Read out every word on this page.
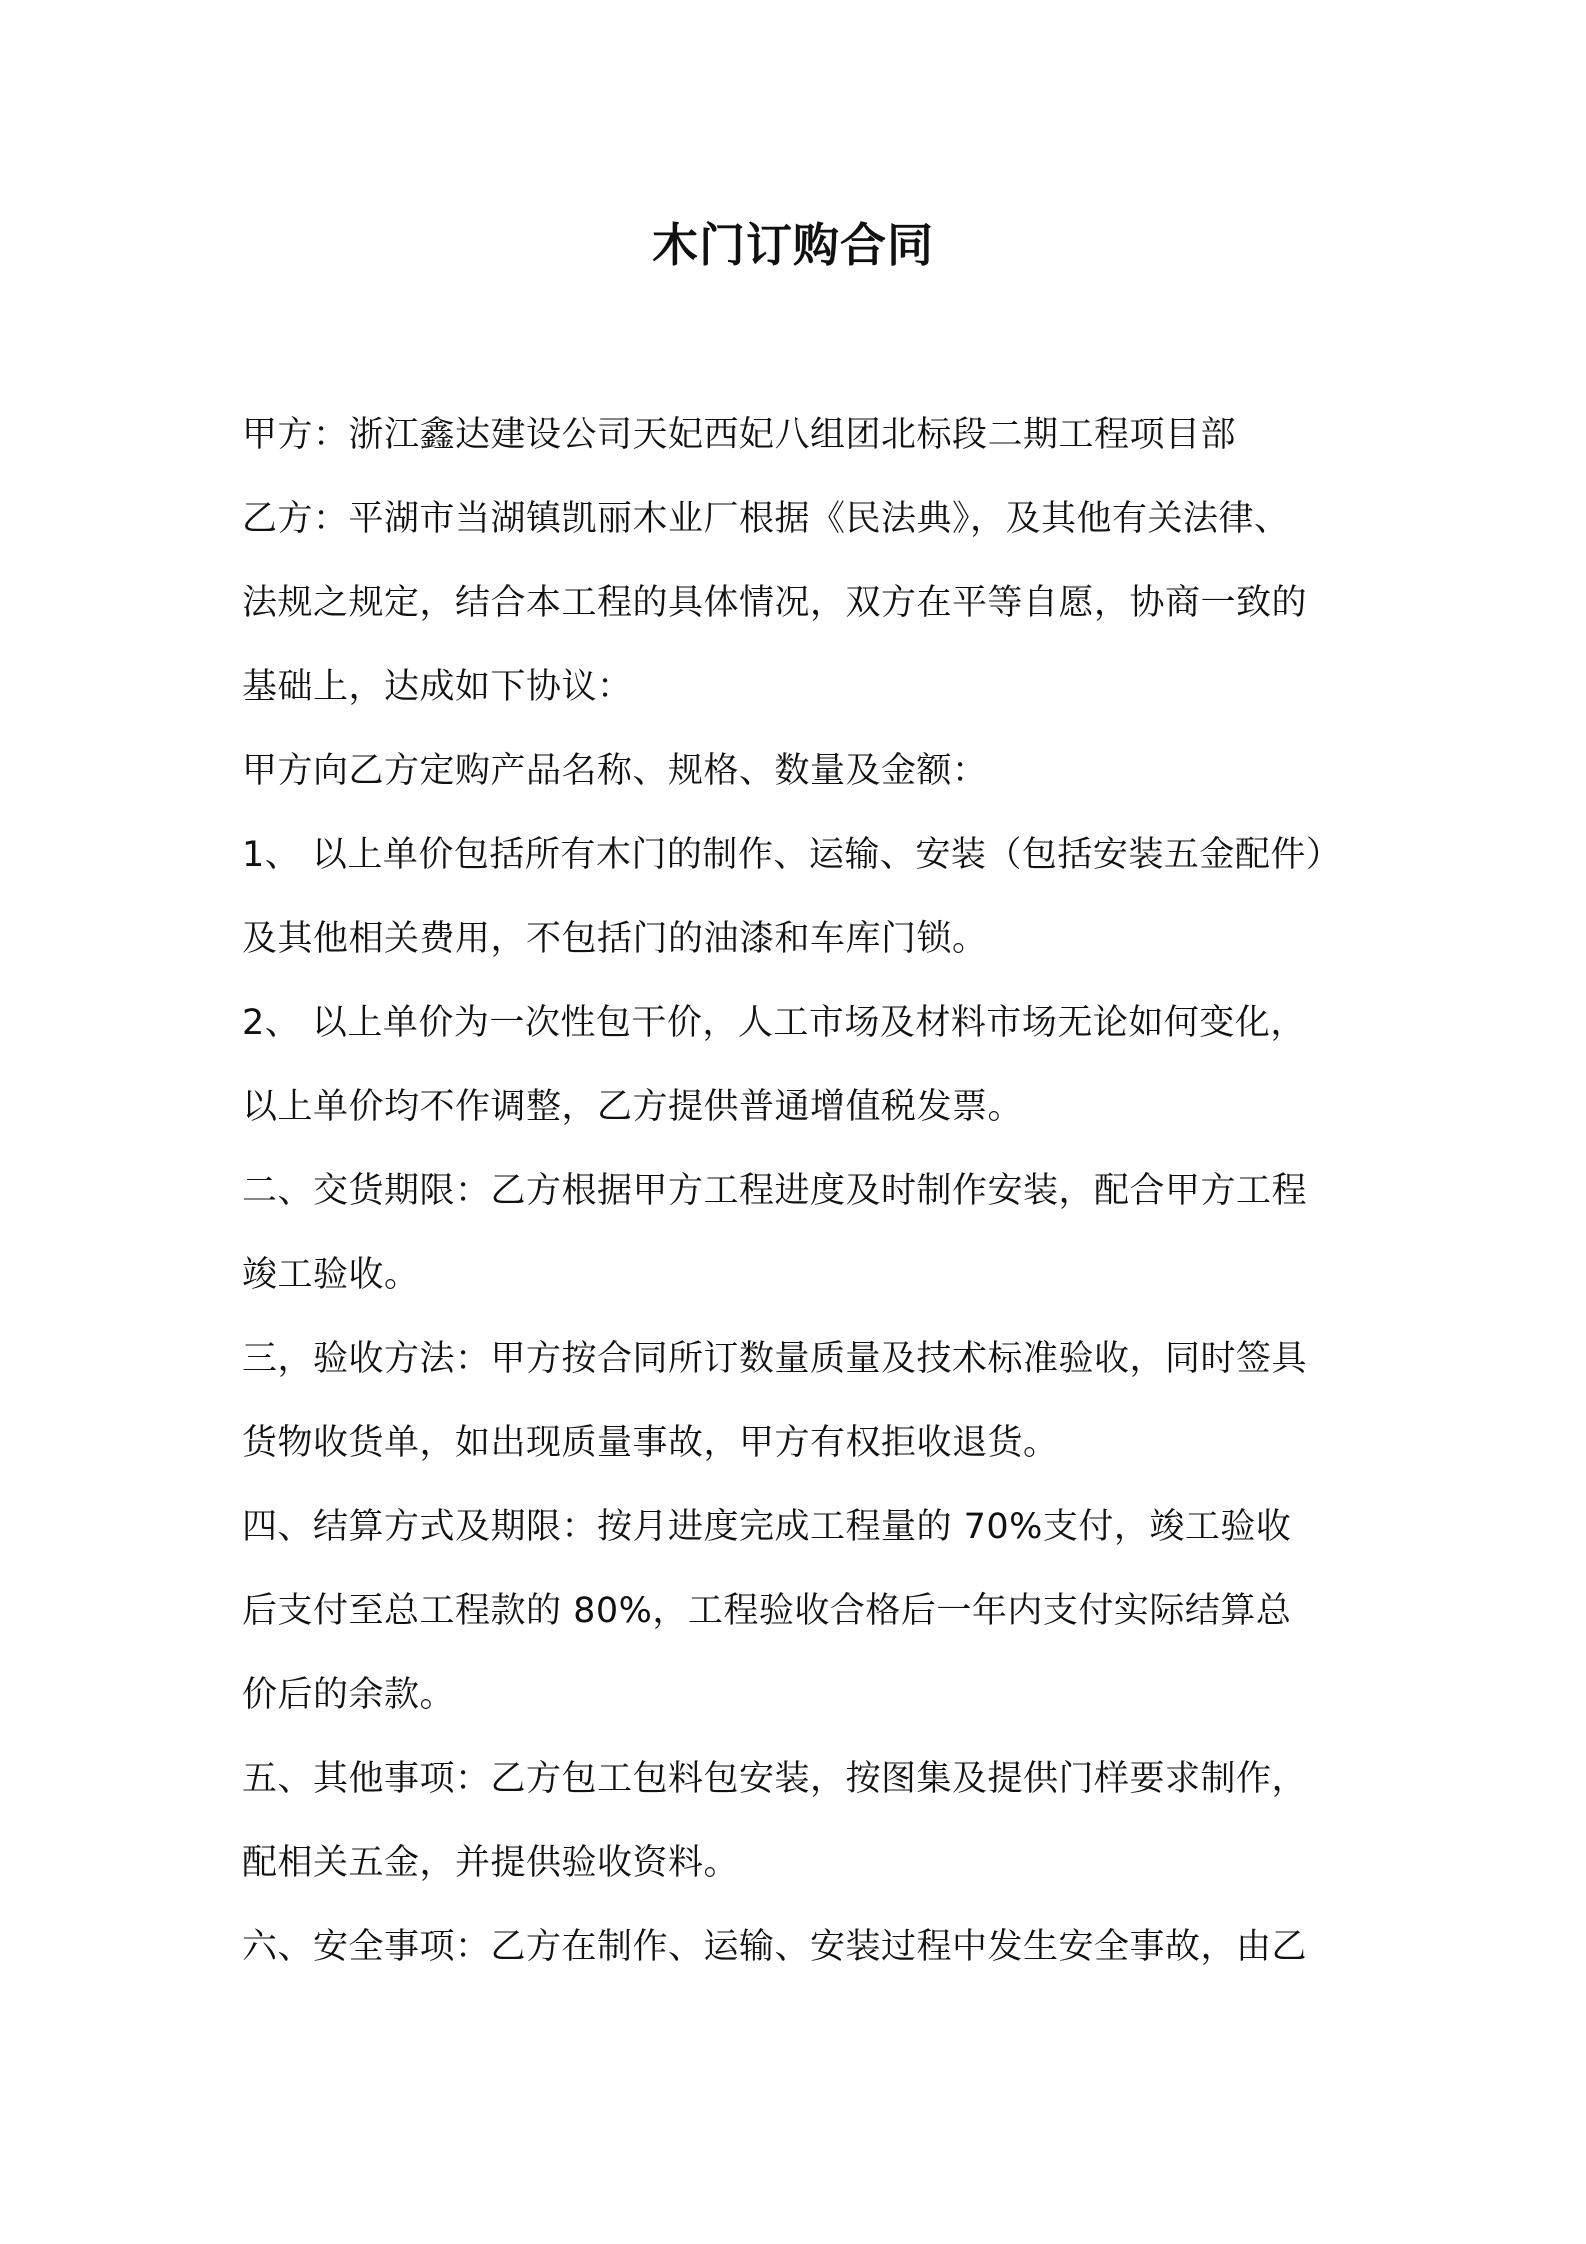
木门订购合同
甲方：浙江鑫达建设公司天妃西妃八组团北标段二期工程项目部
乙方：平湖市当湖镇凯丽木业厂根据《民法典》，及其他有关法律、
法规之规定，结合本工程的具体情况，双方在平等自愿，协商一致的
基础上，达成如下协议：
甲方向乙方定购产品名称、规格、数量及金额：
1、 以上单价包括所有木门的制作、运输、安装（包括安装五金配件）
及其他相关费用，不包括门的油漆和车库门锁。
2、 以上单价为一次性包干价，人工市场及材料市场无论如何变化，
以上单价均不作调整，乙方提供普通增值税发票。
二、交货期限：乙方根据甲方工程进度及时制作安装，配合甲方工程
竣工验收。
三，验收方法：甲方按合同所订数量质量及技术标准验收，同时签具
货物收货单，如出现质量事故，甲方有权拒收退货。
四、结算方式及期限：按月进度完成工程量的 70%支付，竣工验收
后支付至总工程款的 80%，工程验收合格后一年内支付实际结算总
价后的余款。
五、其他事项：乙方包工包料包安装，按图集及提供门样要求制作，
配相关五金，并提供验收资料。
六、安全事项：乙方在制作、运输、安装过程中发生安全事故，由乙
